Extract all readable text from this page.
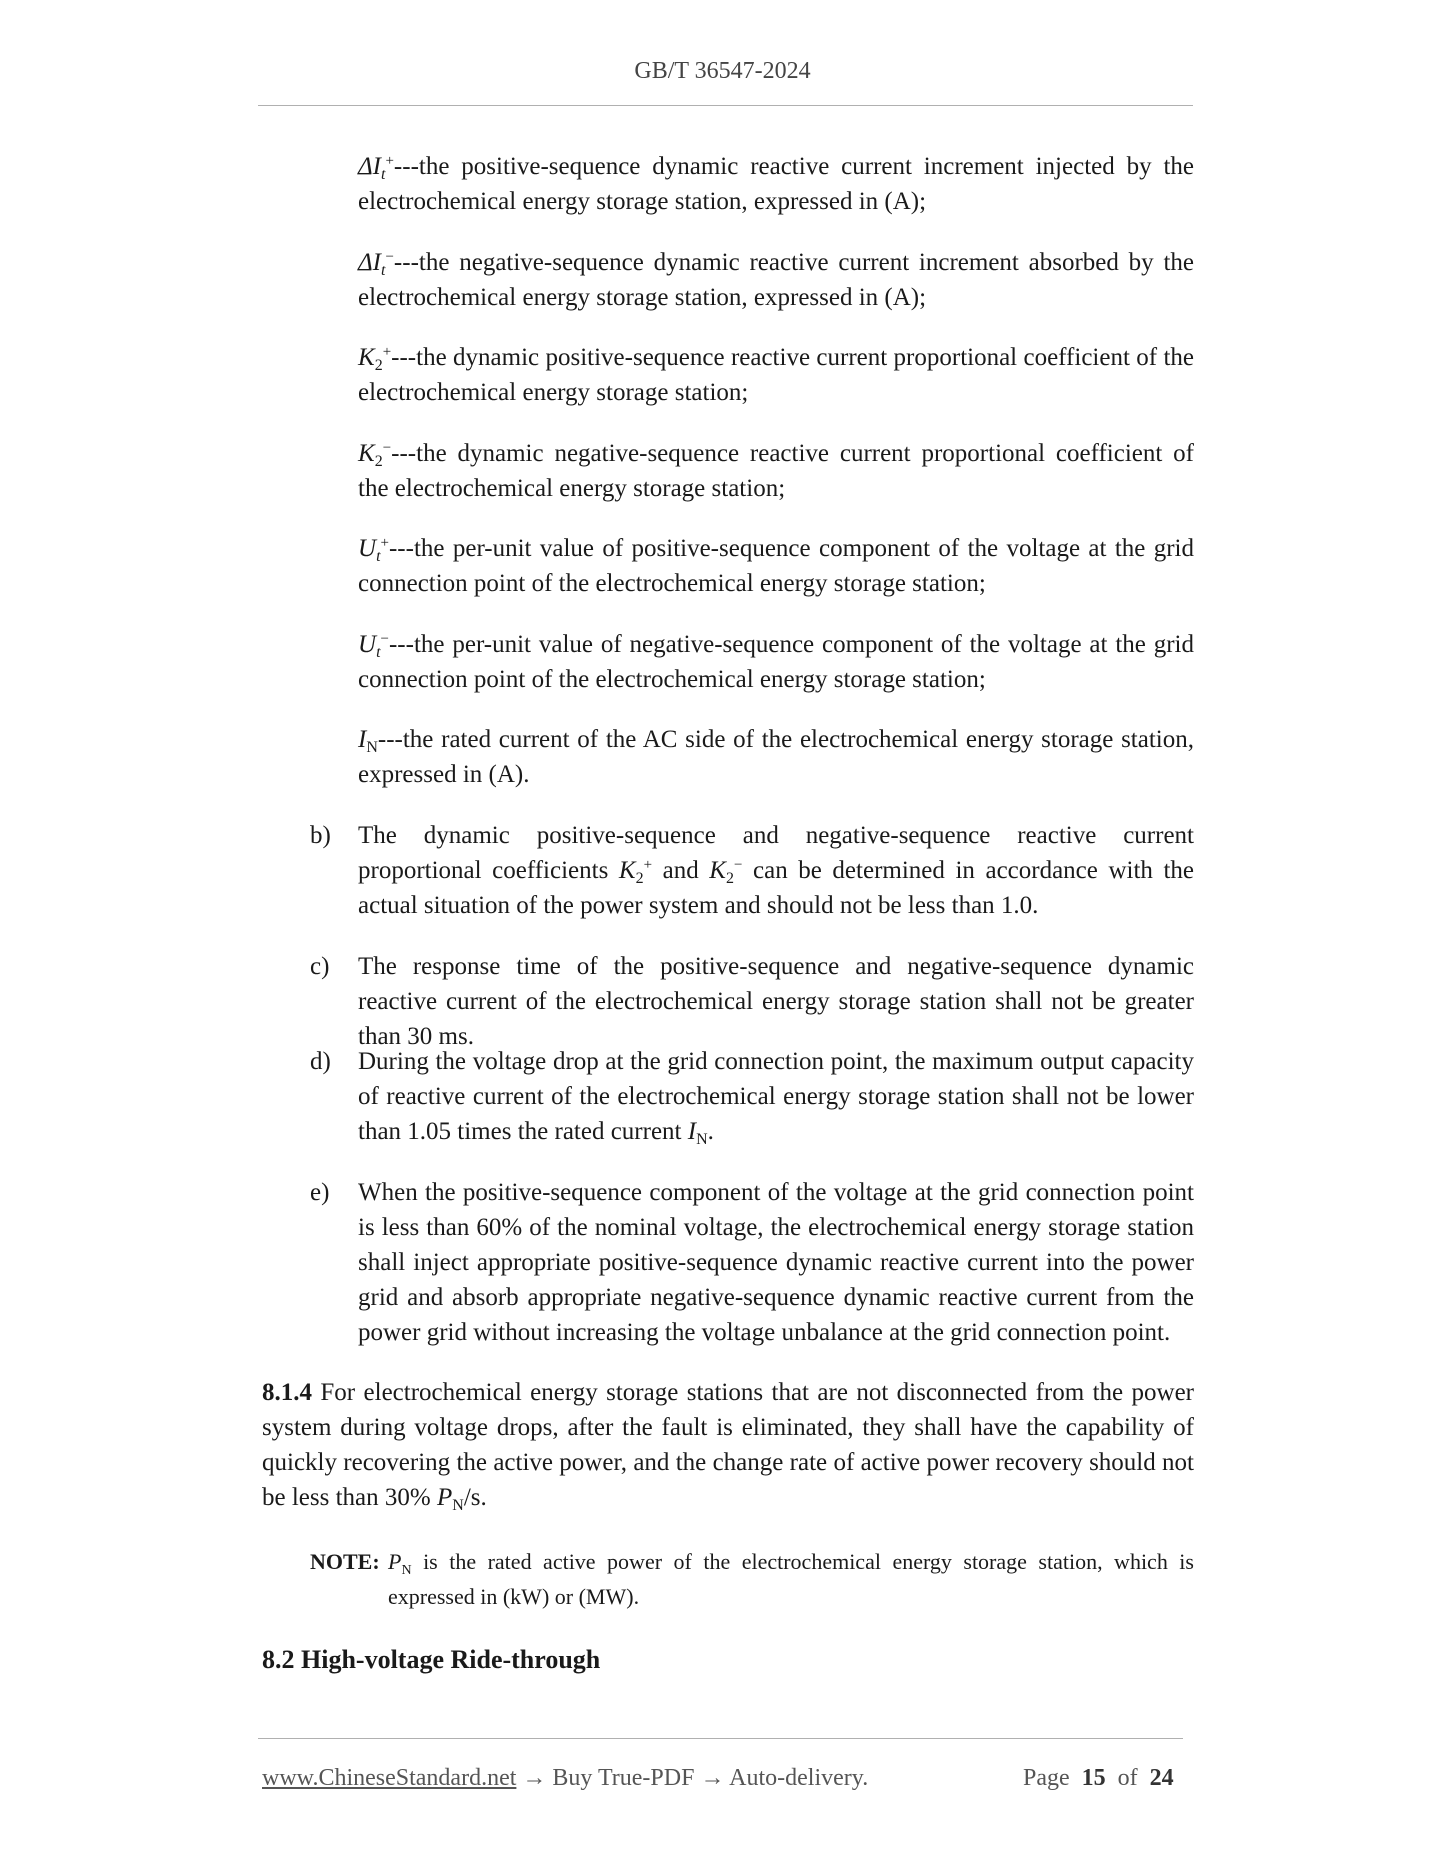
GB/T 36547-2024

$\Delta I_t^+--$-the positive-sequence dynamic reactive current increment injected by the electrochemical energy storage station, expressed in (A);

$\Delta I_t^---$-the negative-sequence dynamic reactive current increment absorbed by the electrochemical energy storage station, expressed in (A);

$K_2^+--$-the dynamic positive-sequence reactive current proportional coefficient of the electrochemical energy storage station;

$K_2^---$-the dynamic negative-sequence reactive current proportional coefficient of the electrochemical energy storage station;

$U_t^+--$-the per-unit value of positive-sequence component of the voltage at the grid connection point of the electrochemical energy storage station;

$U_t^---$-the per-unit value of negative-sequence component of the voltage at the grid connection point of the electrochemical energy storage station;

$I_N--$-the rated current of the AC side of the electrochemical energy storage station, expressed in (A).

b) The dynamic positive-sequence and negative-sequence reactive current proportional coefficients $K_2^+$ and $K_2^-$ can be determined in accordance with the actual situation of the power system and should not be less than 1.0.

c) The response time of the positive-sequence and negative-sequence dynamic reactive current of the electrochemical energy storage station shall not be greater than 30 ms.

d) During the voltage drop at the grid connection point, the maximum output capacity of reactive current of the electrochemical energy storage station shall not be lower than 1.05 times the rated current $I_N$.

e) When the positive-sequence component of the voltage at the grid connection point is less than 60% of the nominal voltage, the electrochemical energy storage station shall inject appropriate positive-sequence dynamic reactive current into the power grid and absorb appropriate negative-sequence dynamic reactive current from the power grid without increasing the voltage unbalance at the grid connection point.

8.1.4 For electrochemical energy storage stations that are not disconnected from the power system during voltage drops, after the fault is eliminated, they shall have the capability of quickly recovering the active power, and the change rate of active power recovery should not be less than 30% $P_N/s$.

NOTE: $P_N$ is the rated active power of the electrochemical energy storage station, which is expressed in (kW) or (MW).

8.2 High-voltage Ride-through
www.ChineseStandard.net → Buy True-PDF → Auto-delivery.	Page 15 of 24
